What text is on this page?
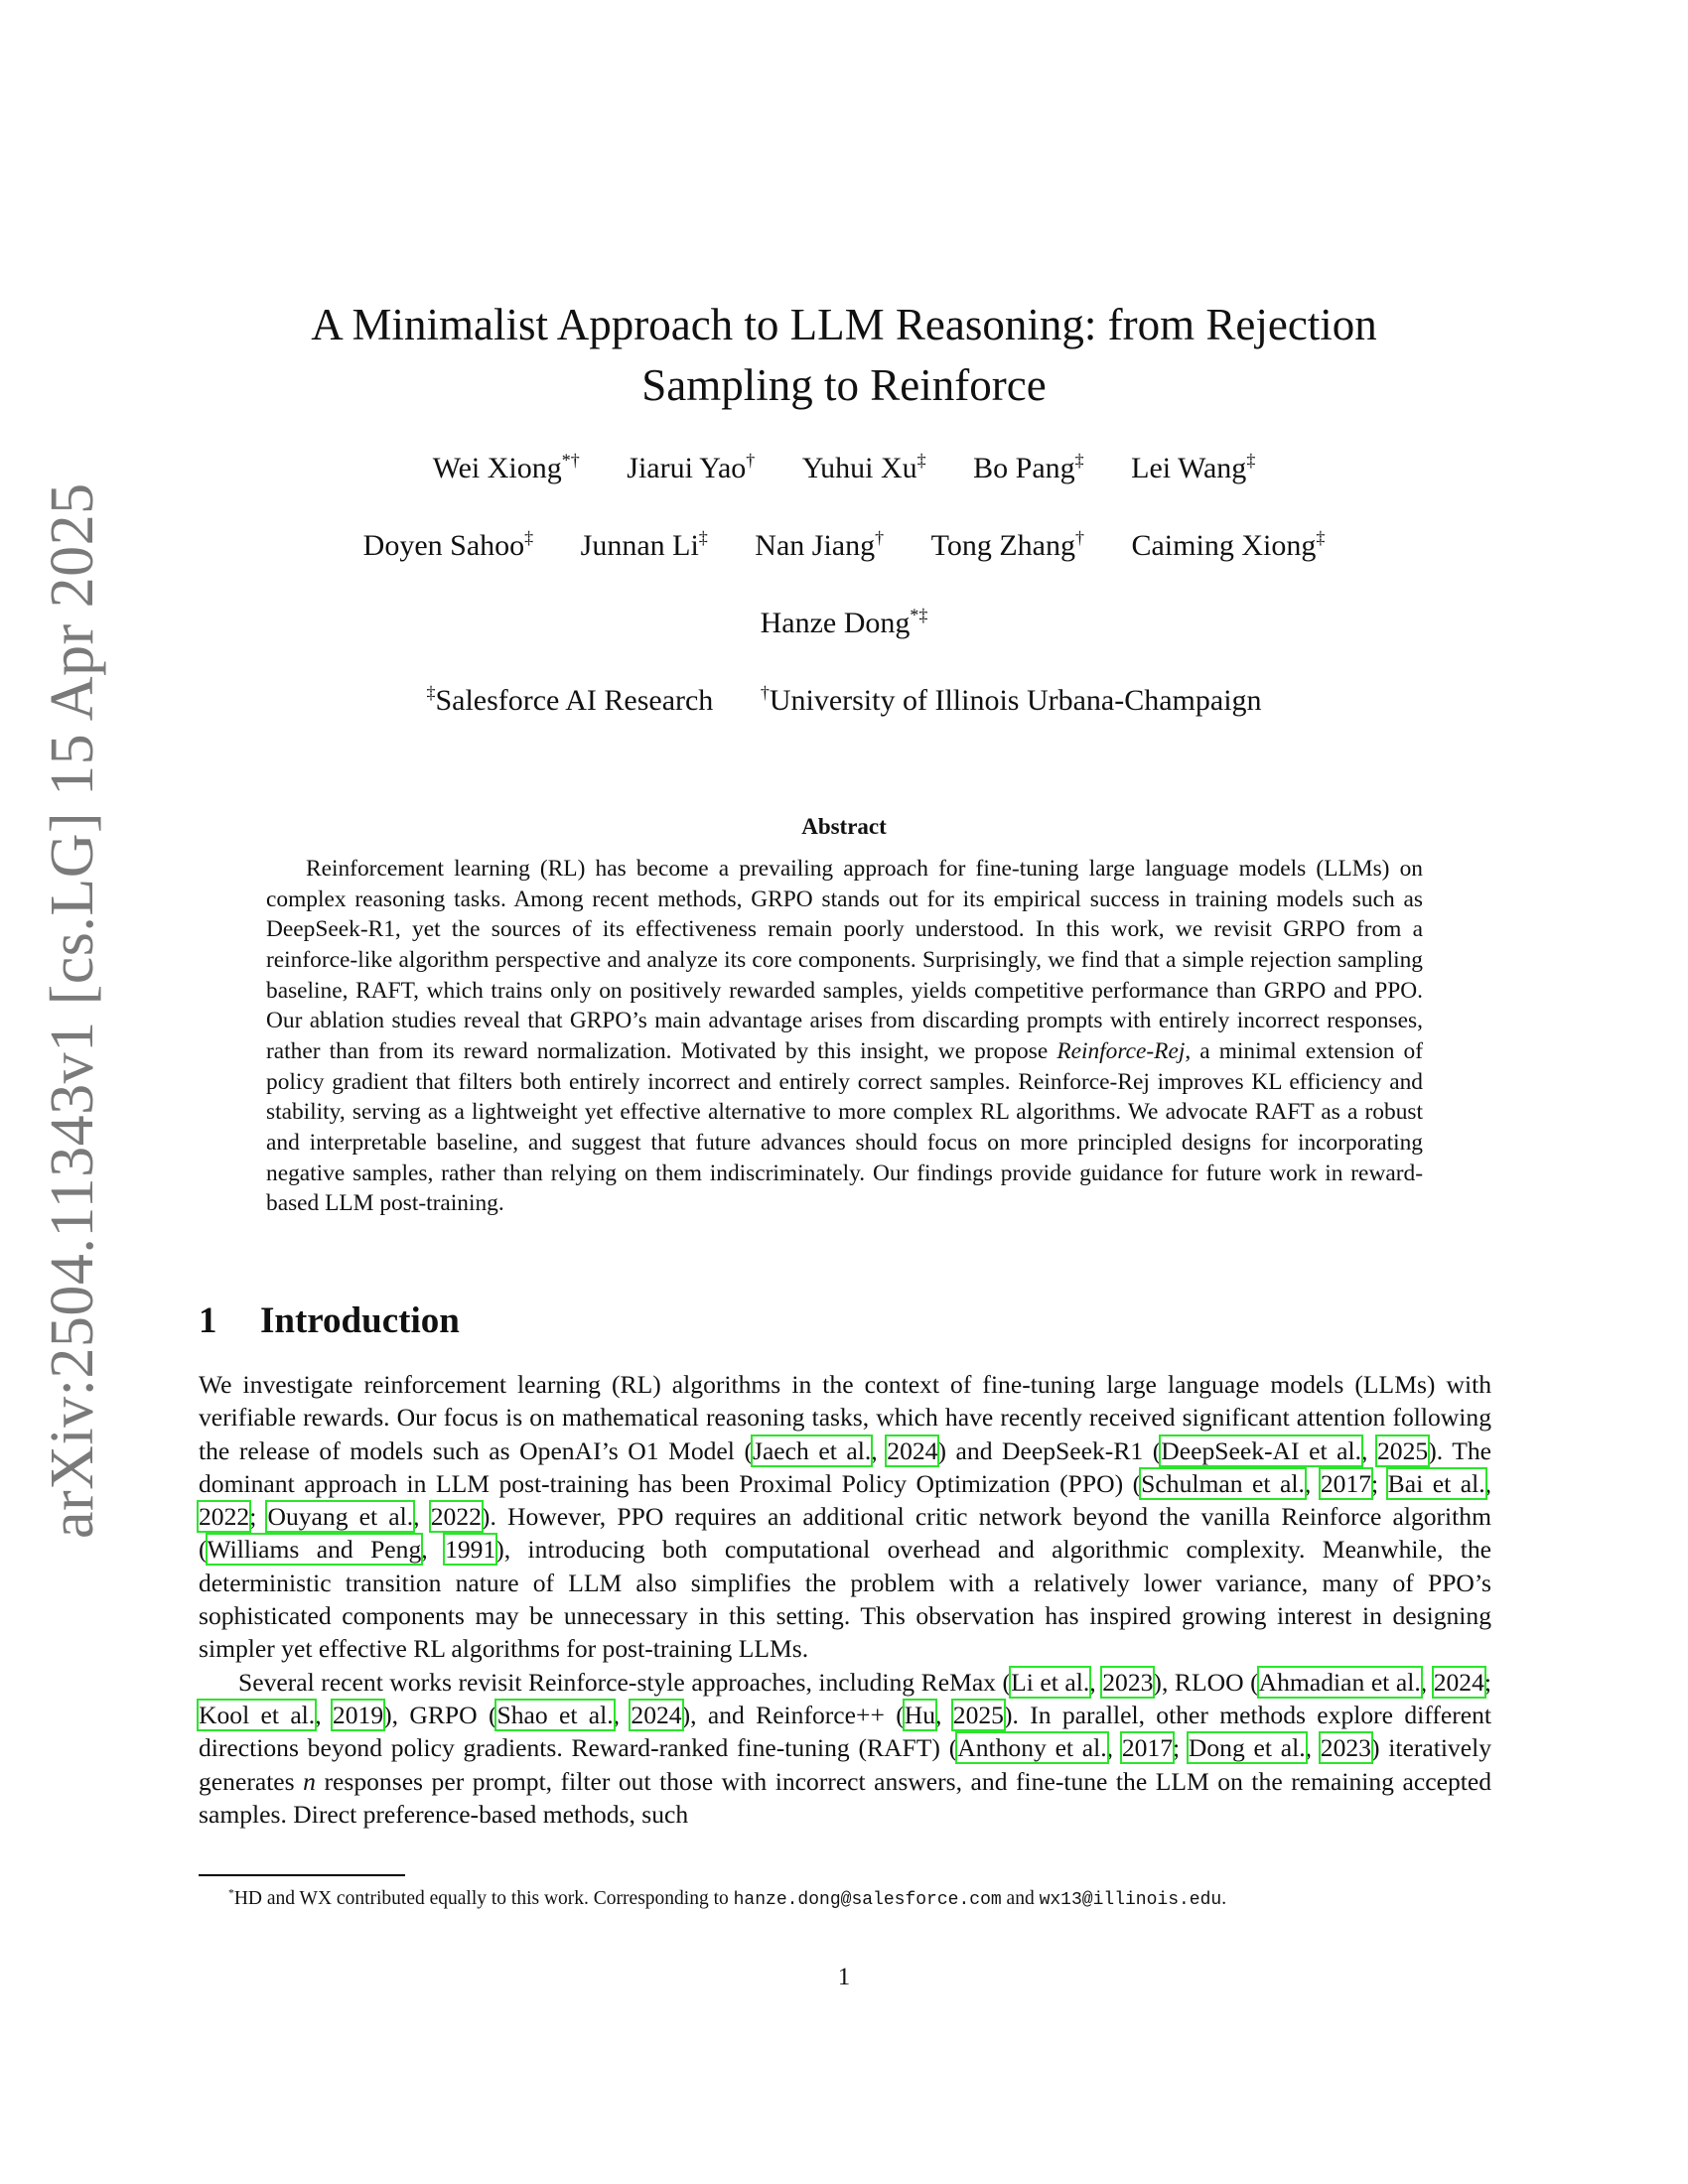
arXiv:2504.11343v1 [cs.LG] 15 Apr 2025
A Minimalist Approach to LLM Reasoning: from Rejection
Sampling to Reinforce
Wei Xiong*† Jiarui Yao† Yuhui Xu‡ Bo Pang‡ Lei Wang‡
Doyen Sahoo‡ Junnan Li‡ Nan Jiang† Tong Zhang† Caiming Xiong‡
Hanze Dong*‡
‡Salesforce AI Research	†University of Illinois Urbana-Champaign
Abstract

Reinforcement learning (RL) has become a prevailing approach for fine-tuning large language models (LLMs) on complex reasoning tasks. Among recent methods, GRPO stands out for its empirical success in training models such as DeepSeek-R1, yet the sources of its effectiveness remain poorly understood. In this work, we revisit GRPO from a reinforce-like algorithm perspective and analyze its core components. Surprisingly, we find that a simple rejection sampling baseline, RAFT, which trains only on positively rewarded samples, yields competitive performance than GRPO and PPO. Our ablation studies reveal that GRPO’s main advantage arises from discarding prompts with entirely incorrect responses, rather than from its reward normalization. Motivated by this insight, we propose Reinforce-Rej, a minimal extension of policy gradient that filters both entirely incorrect and entirely correct samples. Reinforce-Rej improves KL efficiency and stability, serving as a lightweight yet effective alternative to more complex RL algorithms. We advocate RAFT as a robust and interpretable baseline, and suggest that future advances should focus on more principled designs for incorporating negative samples, rather than relying on them indiscriminately. Our findings provide guidance for future work in reward-based LLM post-training.

1 Introduction

We investigate reinforcement learning (RL) algorithms in the context of fine-tuning large language models (LLMs) with verifiable rewards. Our focus is on mathematical reasoning tasks, which have recently received significant attention following the release of models such as OpenAI’s O1 Model (Jaech et al., 2024) and DeepSeek-R1 (DeepSeek-AI et al., 2025). The dominant approach in LLM post-training has been Proximal Policy Optimization (PPO) (Schulman et al., 2017; Bai et al., 2022; Ouyang et al., 2022). However, PPO requires an additional critic network beyond the vanilla Reinforce algorithm (Williams and Peng, 1991), introducing both computational overhead and algorithmic complexity. Meanwhile, the deterministic transition nature of LLM also simplifies the problem with a relatively lower variance, many of PPO’s sophisticated components may be unnecessary in this setting. This observation has inspired growing interest in designing simpler yet effective RL algorithms for post-training LLMs.

Several recent works revisit Reinforce-style approaches, including ReMax (Li et al., 2023), RLOO (Ahmadian et al., 2024; Kool et al., 2019), GRPO (Shao et al., 2024), and Reinforce++ (Hu, 2025). In parallel, other methods explore different directions beyond policy gradients. Reward-ranked fine-tuning (RAFT) (Anthony et al., 2017; Dong et al., 2023) iteratively generates n responses per prompt, filter out those with incorrect answers, and fine-tune the LLM on the remaining accepted samples. Direct preference-based methods, such

*HD and WX contributed equally to this work. Corresponding to hanze.dong@salesforce.com and wx13@illinois.edu.
1
